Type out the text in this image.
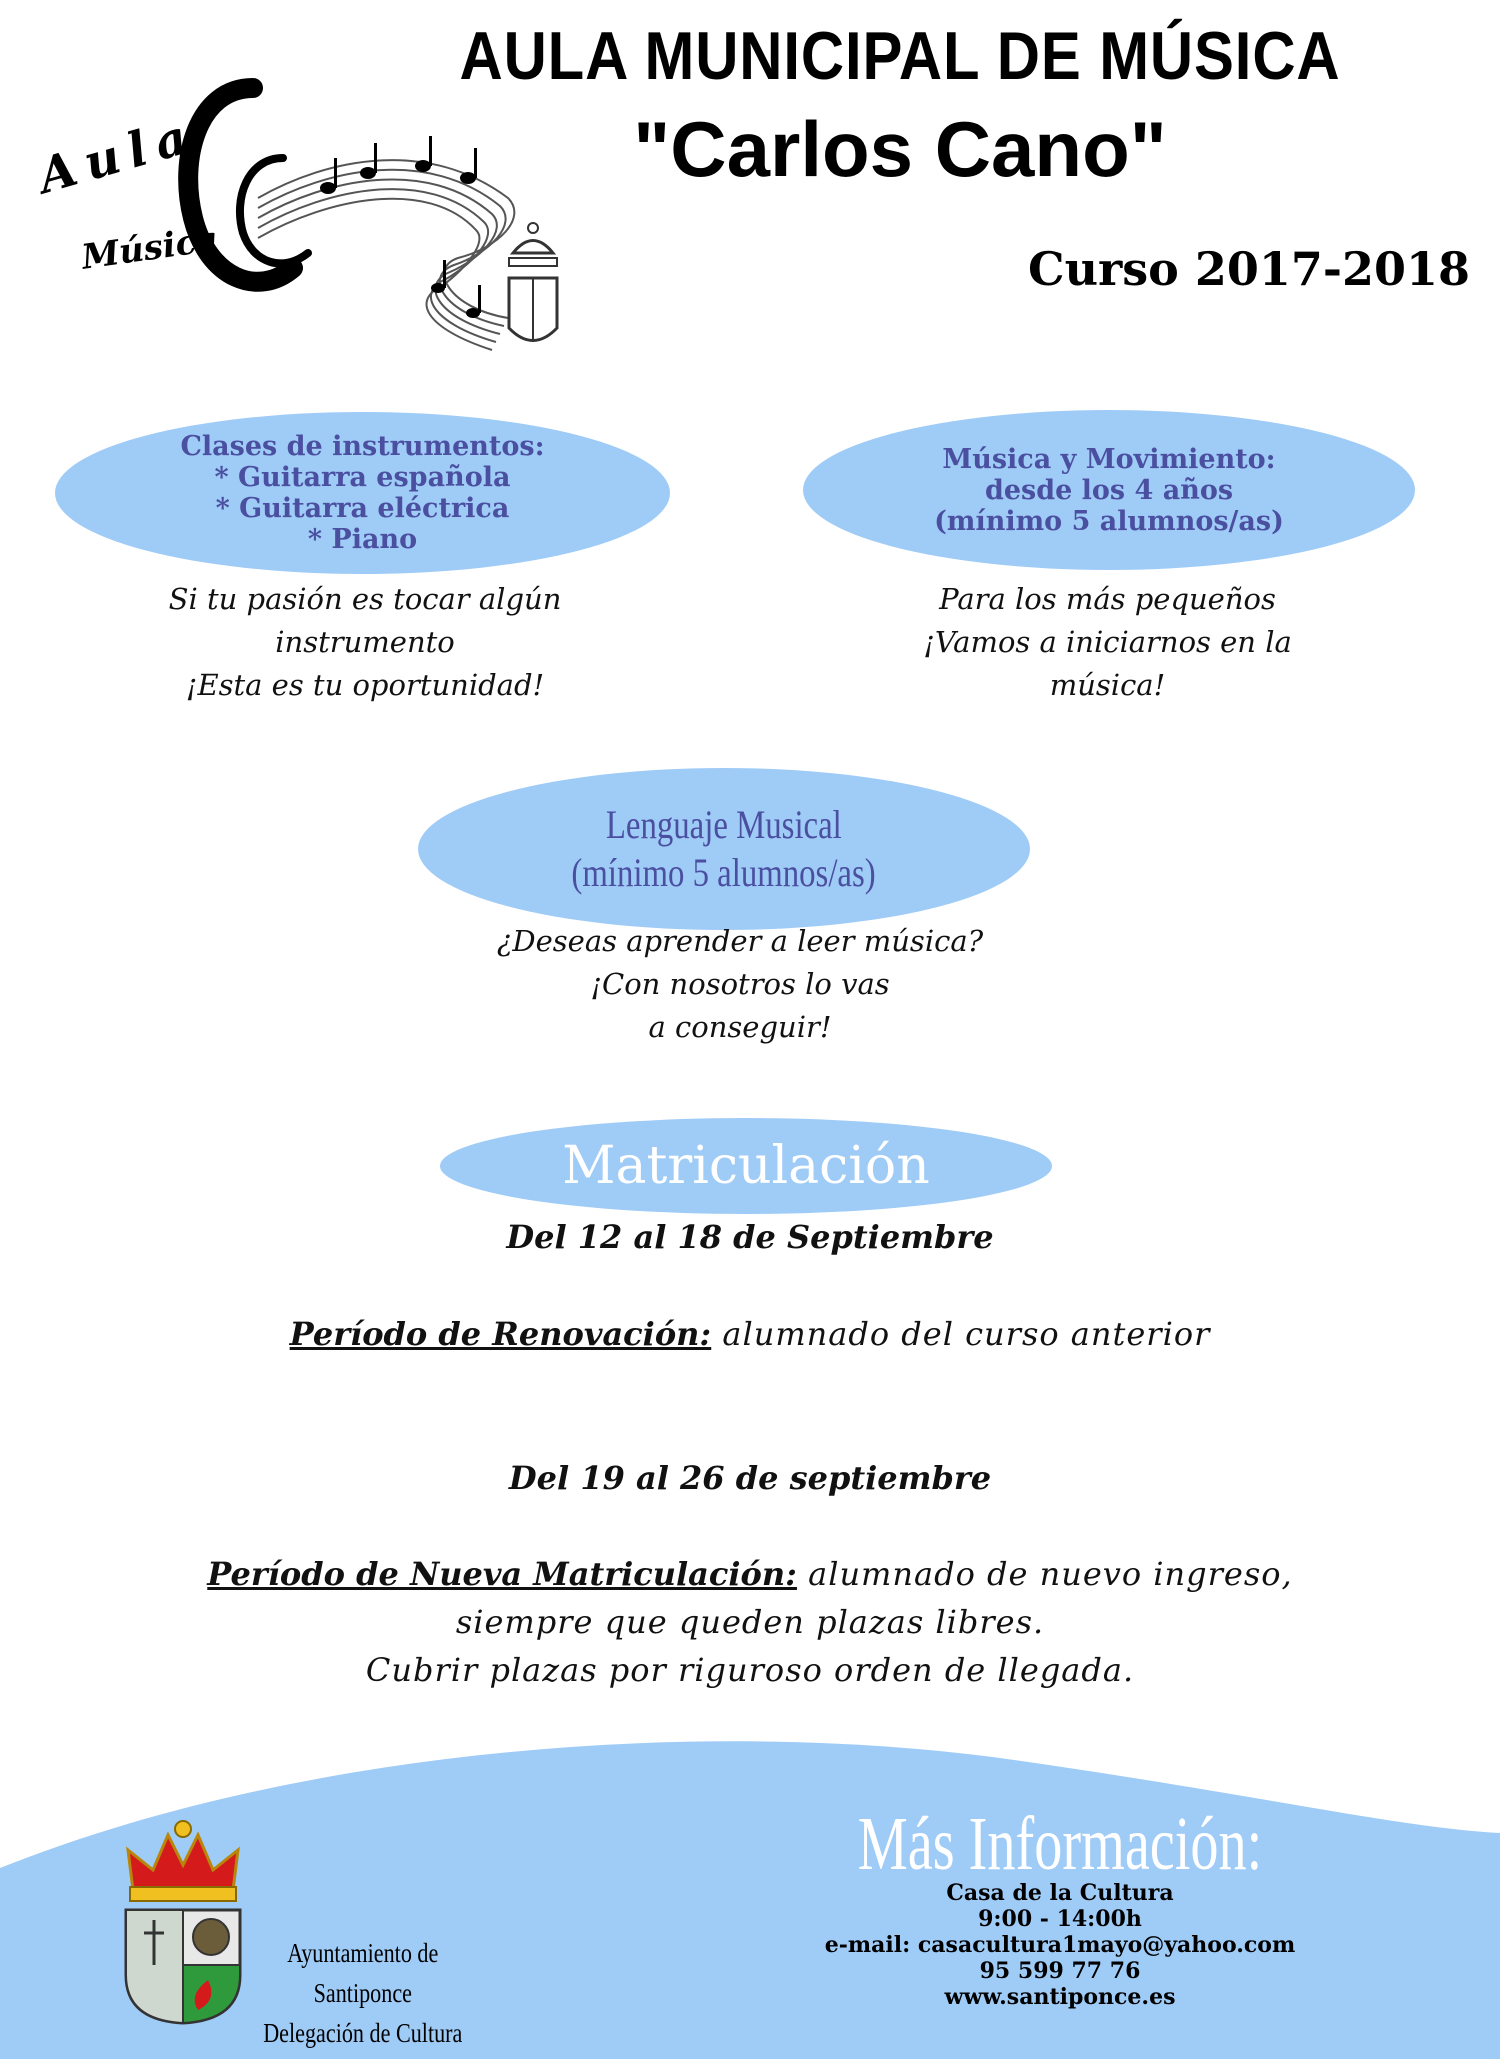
AULA MUNICIPAL DE MÚSICA
"Carlos Cano"
Curso 2017-2018
Aula
Música
Clases de instrumentos:
* Guitarra española
* Guitarra eléctrica
* Piano
Si tu pasión es tocar algún
instrumento
¡Esta es tu oportunidad!
Música y Movimiento:
desde los 4 años
(mínimo 5 alumnos/as)
Para los más pequeños
¡Vamos a iniciarnos en la
música!
Lenguaje Musical
(mínimo 5 alumnos/as)
¿Deseas aprender a leer música?
¡Con nosotros lo vas
a conseguir!
Matriculación
Del 12 al 18 de Septiembre
Período de Renovación: alumnado del curso anterior
Del 19 al 26 de septiembre
Período de Nueva Matriculación: alumnado de nuevo ingreso,
siempre que queden plazas libres.
Cubrir plazas por riguroso orden de llegada.
Ayuntamiento de Santiponce
Delegación de Cultura
Más Información:
Casa de la Cultura
9:00 - 14:00h
e-mail: casacultura1mayo@yahoo.com
95 599 77 76
www.santiponce.es
